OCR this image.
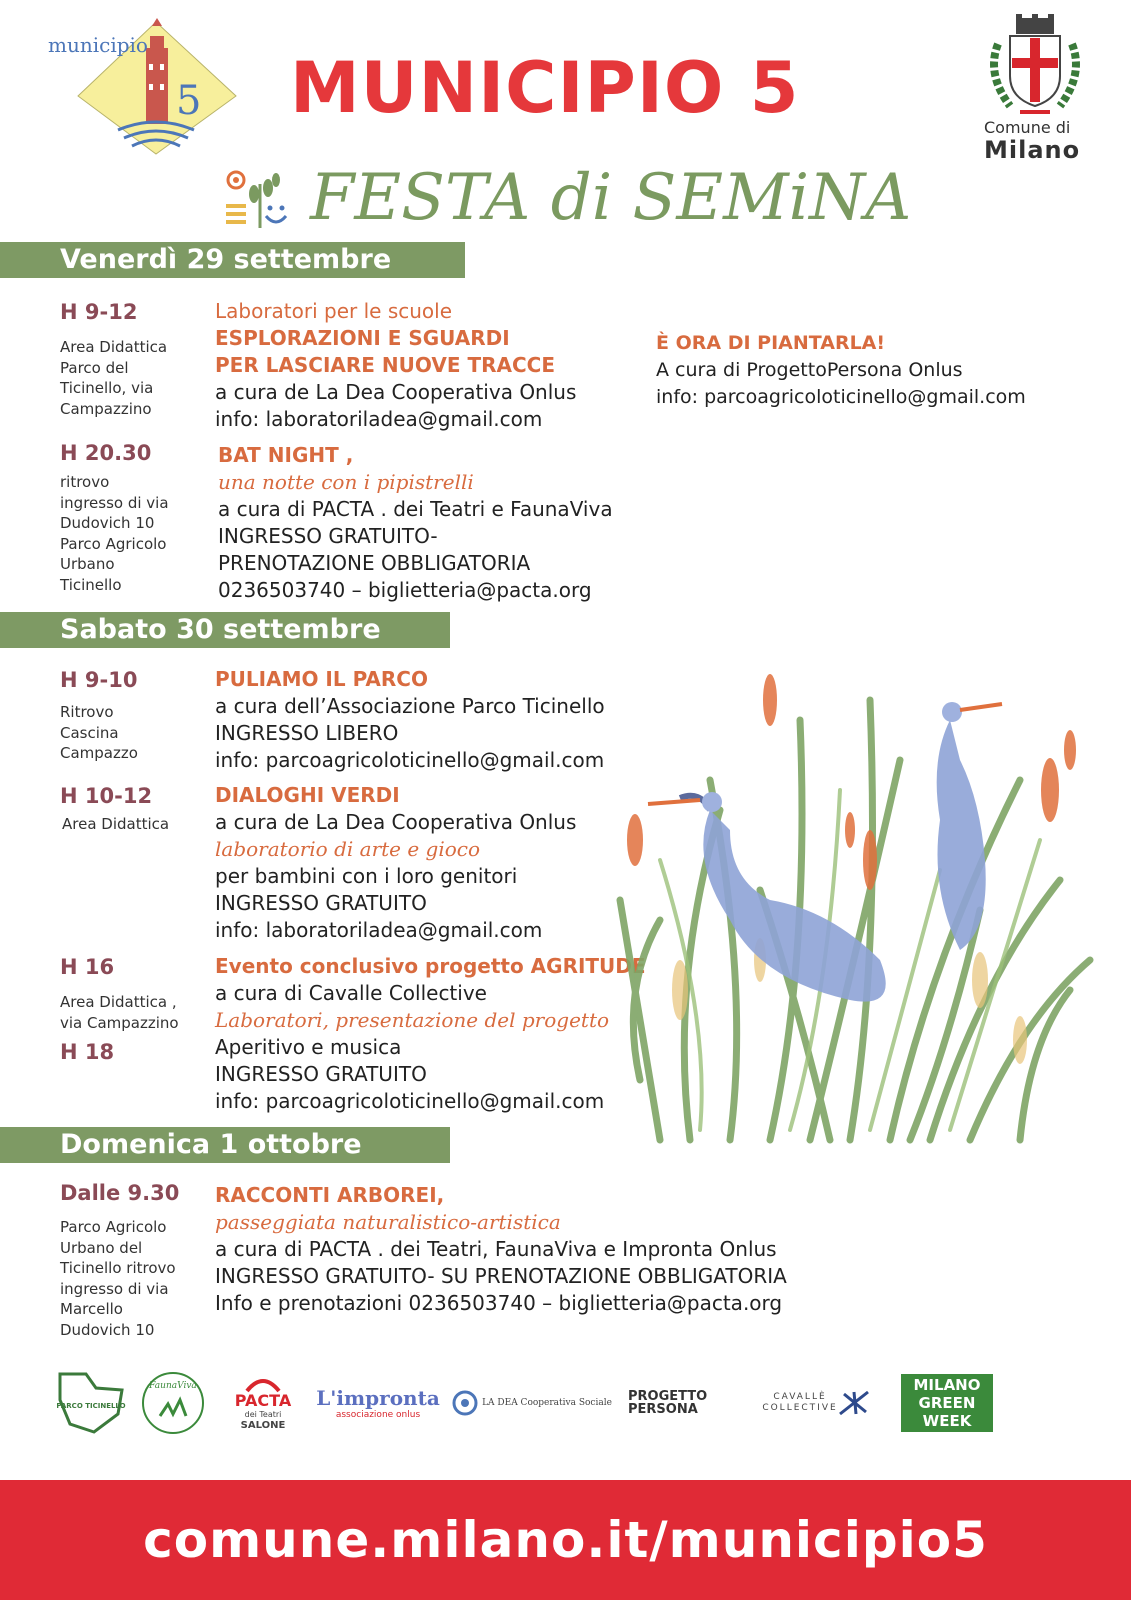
municipio
5 MUNICIPIO 5	Comune di
Milano
FESTA di SEMiNA
Venerdì 29 settembre
H 9-12
Area Didattica
Parco del
Ticinello, via
Campazzino
Laboratori per le scuole
ESPLORAZIONI E SGUARDI
PER LASCIARE NUOVE TRACCE
a cura de La Dea Cooperativa Onlus
info: laboratoriladea@gmail.com
È ORA DI PIANTARLA!
A cura di ProgettoPersona Onlus
info: parcoagricoloticinello@gmail.com
H 20.30
ritrovo
ingresso di via
Dudovich 10
Parco Agricolo
Urbano
Ticinello
BAT NIGHT ,
una notte con i pipistrelli
a cura di PACTA . dei Teatri e FaunaViva
INGRESSO GRATUITO-
PRENOTAZIONE OBBLIGATORIA
0236503740 – biglietteria@pacta.org
Sabato 30 settembre
H 9-10
Ritrovo
Cascina
Campazzo
PULIAMO IL PARCO
a cura dell’Associazione Parco Ticinello
INGRESSO LIBERO
info: parcoagricoloticinello@gmail.com
H 10-12
Area Didattica
DIALOGHI VERDI
a cura de La Dea Cooperativa Onlus
laboratorio di arte e gioco
per bambini con i loro genitori
INGRESSO GRATUITO
info: laboratoriladea@gmail.com
H 16
Area Didattica ,
via Campazzino
H 18
Evento conclusivo progetto AGRITUDE
a cura di Cavalle Collective
Laboratori, presentazione del progetto
Aperitivo e musica
INGRESSO GRATUITO
info: parcoagricoloticinello@gmail.com
Domenica 1 ottobre
Dalle 9.30
Parco Agricolo
Urbano del
Ticinello ritrovo
ingresso di via
Marcello
Dudovich 10
RACCONTI ARBOREI,
passeggiata naturalistico-artistica
a cura di PACTA . dei Teatri, FaunaViva e Impronta Onlus
INGRESSO GRATUITO- SU PRENOTAZIONE OBBLIGATORIA
Info e prenotazioni 0236503740 – biglietteria@pacta.org
PARCO TICINELLO
FaunaViva
PACTA
dei Teatri
SALONE
L'impronta
associazione onlus
LA DEA Cooperativa Sociale PROGETTO
PERSONA
CAVALLÈ
COLLECTIVE
MILANO
GREEN
WEEK
comune.milano.it/municipio5
